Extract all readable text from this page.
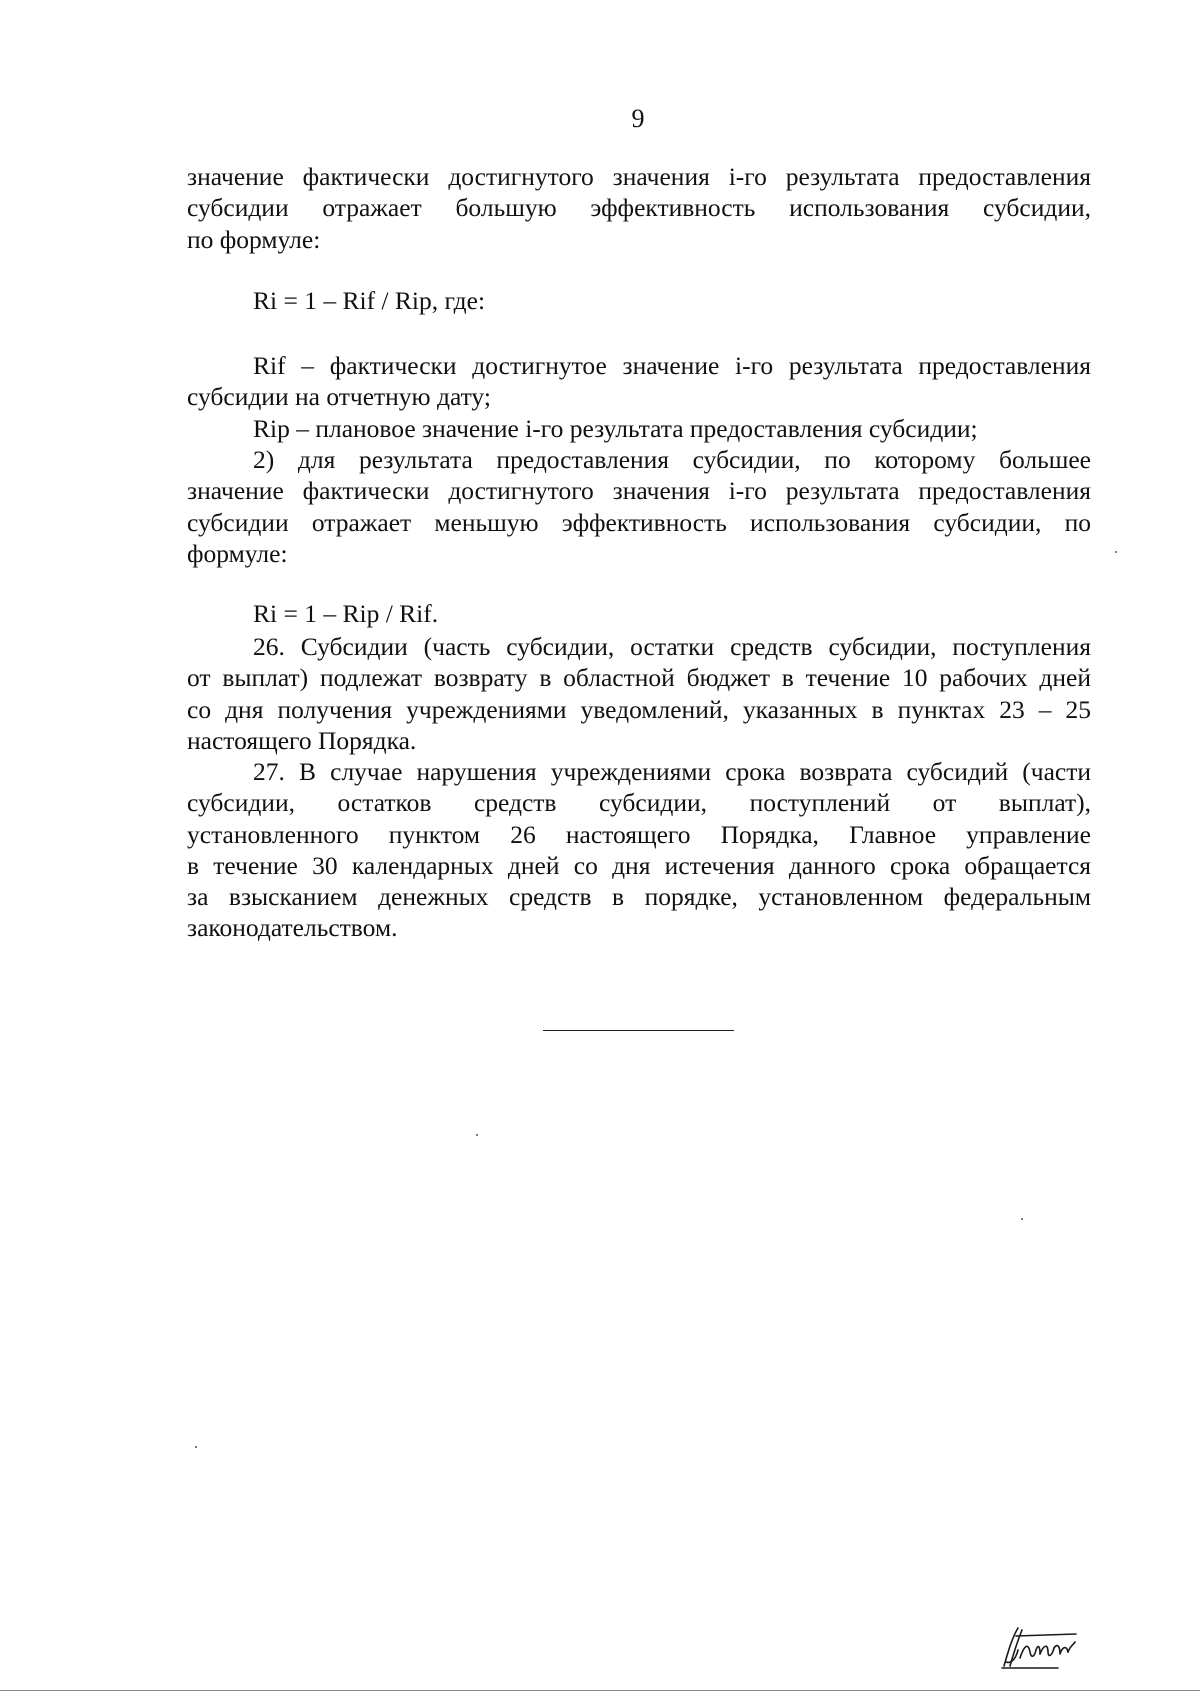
9
значение фактически достигнутого значения i-го результата предоставления
субсидии отражает большую эффективность использования субсидии,
по формуле:
Ri = 1 – Rif / Rip, где:
Rif – фактически достигнутое значение i-го результата предоставления
субсидии на отчетную дату;
Rip – плановое значение i-го результата предоставления субсидии;
2) для результата предоставления субсидии, по которому большее
значение фактически достигнутого значения i-го результата предоставления
субсидии отражает меньшую эффективность использования субсидии, по
формуле:
Ri = 1 – Rip / Rif.
26. Субсидии (часть субсидии, остатки средств субсидии, поступления
от выплат) подлежат возврату в областной бюджет в течение 10 рабочих дней
со дня получения учреждениями уведомлений, указанных в пунктах 23 – 25
настоящего Порядка.
27. В случае нарушения учреждениями срока возврата субсидий (части
субсидии, остатков средств субсидии, поступлений от выплат),
установленного пунктом 26 настоящего Порядка, Главное управление
в течение 30 календарных дней со дня истечения данного срока обращается
за взысканием денежных средств в порядке, установленном федеральным
законодательством.
